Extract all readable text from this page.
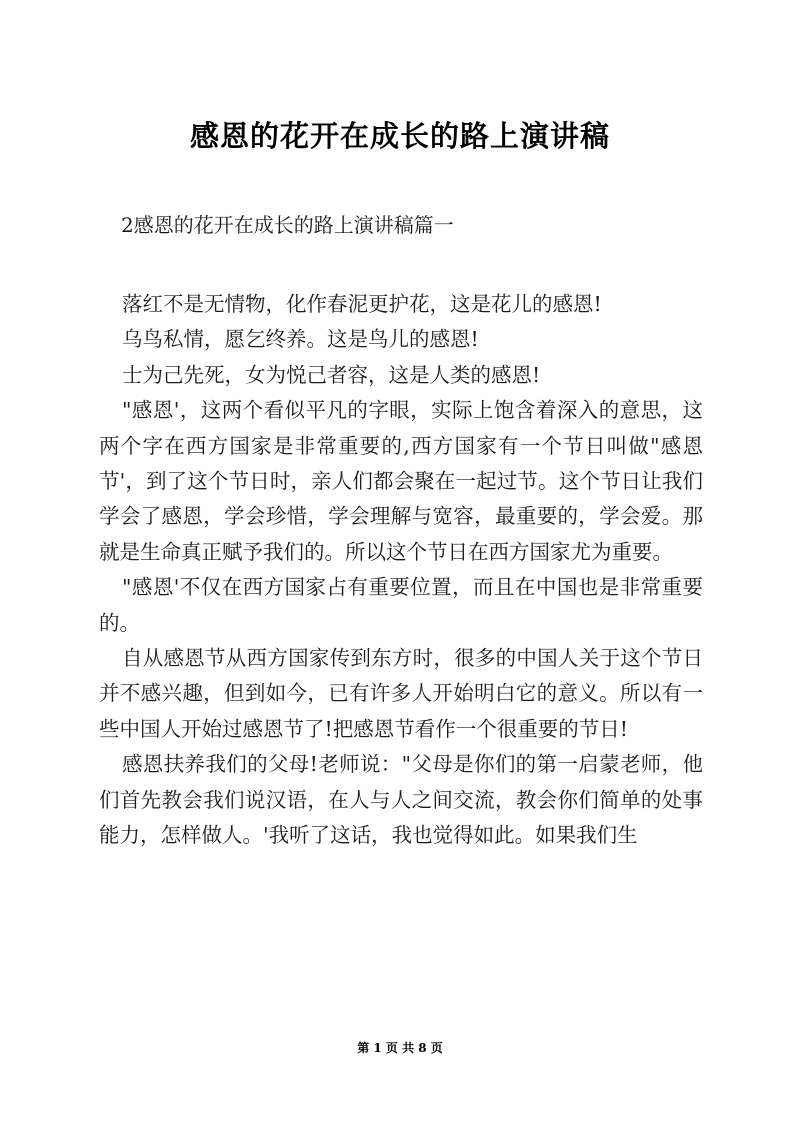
感恩的花开在成长的路上演讲稿

2感恩的花开在成长的路上演讲稿篇一

落红不是无情物，化作春泥更护花，这是花儿的感恩!

乌鸟私情，愿乞终养。这是鸟儿的感恩!

士为己先死，女为悦己者容，这是人类的感恩!

"感恩'，这两个看似平凡的字眼，实际上饱含着深入的意思，这两个字在西方国家是非常重要的,西方国家有一个节日叫做"感恩节'，到了这个节日时，亲人们都会聚在一起过节。这个节日让我们学会了感恩，学会珍惜，学会理解与宽容，最重要的，学会爱。那就是生命真正赋予我们的。所以这个节日在西方国家尤为重要。

"感恩'不仅在西方国家占有重要位置，而且在中国也是非常重要的。

自从感恩节从西方国家传到东方时，很多的中国人关于这个节日并不感兴趣，但到如今，已有许多人开始明白它的意义。所以有一些中国人开始过感恩节了!把感恩节看作一个很重要的节日!

感恩扶养我们的父母!老师说："父母是你们的第一启蒙老师，他们首先教会我们说汉语，在人与人之间交流，教会你们简单的处事能力，怎样做人。'我听了这话，我也觉得如此。如果我们生

第 1 页 共 8 页
